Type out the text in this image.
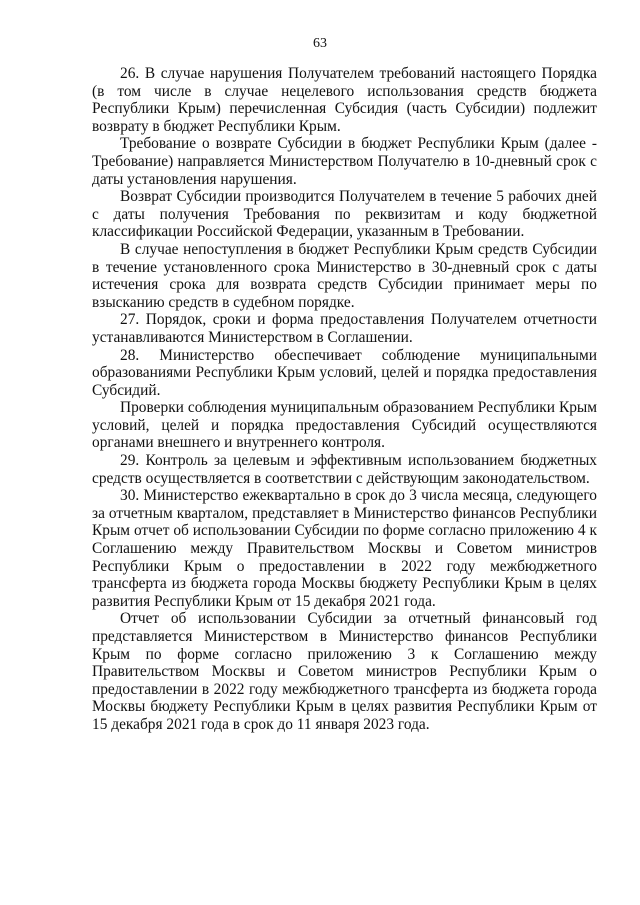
63

26. В случае нарушения Получателем требований настоящего Порядка (в том числе в случае нецелевого использования средств бюджета Республики Крым) перечисленная Субсидия (часть Субсидии) подлежит возврату в бюджет Республики Крым.

Требование о возврате Субсидии в бюджет Республики Крым (далее - Требование) направляется Министерством Получателю в 10-дневный срок с даты установления нарушения.

Возврат Субсидии производится Получателем в течение 5 рабочих дней с даты получения Требования по реквизитам и коду бюджетной классификации Российской Федерации, указанным в Требовании.

В случае непоступления в бюджет Республики Крым средств Субсидии в течение установленного срока Министерство в 30-дневный срок с даты истечения срока для возврата средств Субсидии принимает меры по взысканию средств в судебном порядке.

27. Порядок, сроки и форма предоставления Получателем отчетности устанавливаются Министерством в Соглашении.

28. Министерство обеспечивает соблюдение муниципальными образованиями Республики Крым условий, целей и порядка предоставления Субсидий.

Проверки соблюдения муниципальным образованием Республики Крым условий, целей и порядка предоставления Субсидий осуществляются органами внешнего и внутреннего контроля.

29. Контроль за целевым и эффективным использованием бюджетных средств осуществляется в соответствии с действующим законодательством.

30. Министерство ежеквартально в срок до 3 числа месяца, следующего за отчетным кварталом, представляет в Министерство финансов Республики Крым отчет об использовании Субсидии по форме согласно приложению 4 к Соглашению между Правительством Москвы и Советом министров Республики Крым о предоставлении в 2022 году межбюджетного трансферта из бюджета города Москвы бюджету Республики Крым в целях развития Республики Крым от 15 декабря 2021 года.

Отчет об использовании Субсидии за отчетный финансовый год представляется Министерством в Министерство финансов Республики Крым по форме согласно приложению 3 к Соглашению между Правительством Москвы и Советом министров Республики Крым о предоставлении в 2022 году межбюджетного трансферта из бюджета города Москвы бюджету Республики Крым в целях развития Республики Крым от 15 декабря 2021 года в срок до 11 января 2023 года.
